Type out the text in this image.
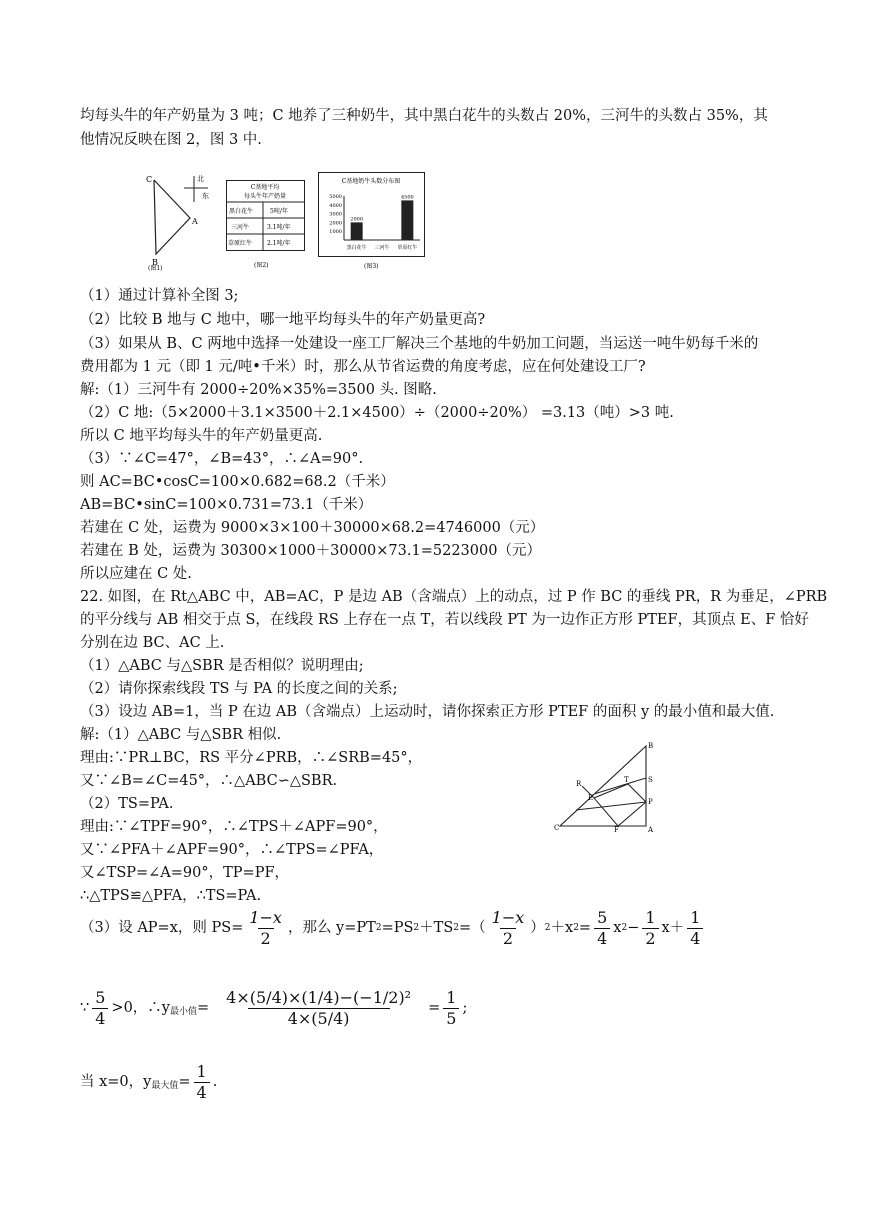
均每头牛的年产奶量为 3 吨；C 地养了三种奶牛，其中黑白花牛的头数占 20%，三河牛的头数占 35%，其
他情况反映在图 2，图 3 中.
C
A
B
北
东
(图1)
C基地平均
每头牛年产奶量
黑白花牛	5吨/年
三河牛	3.1吨/年
草原红牛 2.1吨/年
(图2)
C基地奶牛头数分布图
5000
4000
3000
2000
1000
2000
黑白花牛 三河牛
4500
草原红牛
(图3)
（1）通过计算补全图 3;
（2）比较 B 地与 C 地中，哪一地平均每头牛的年产奶量更高?
（3）如果从 B、C 两地中选择一处建设一座工厂解决三个基地的牛奶加工问题，当运送一吨牛奶每千米的
费用都为 1 元（即 1 元/吨•千米）时，那么从节省运费的角度考虑，应在何处建设工厂?
解:（1）三河牛有 2000÷20%×35%=3500 头. 图略.
（2）C 地:（5×2000＋3.1×3500＋2.1×4500）÷（2000÷20%） =3.13（吨）>3 吨.
所以 C 地平均每头牛的年产奶量更高.
（3）∵∠C=47°，∠B=43°，∴∠A=90°.
则 AC=BC•cosC=100×0.682=68.2（千米）
AB=BC•sinC=100×0.731=73.1（千米）
若建在 C 处，运费为 9000×3×100＋30000×68.2=4746000（元）
若建在 B 处，运费为 30300×1000＋30000×73.1=5223000（元）
所以应建在 C 处.
22. 如图，在 Rt△ABC 中，AB=AC，P 是边 AB（含端点）上的动点，过 P 作 BC 的垂线 PR，R 为垂足，∠PRB
的平分线与 AB 相交于点 S，在线段 RS 上存在一点 T，若以线段 PT 为一边作正方形 PTEF，其顶点 E、F 恰好
分别在边 BC、AC 上.
（1）△ABC 与△SBR 是否相似？说明理由;
（2）请你探索线段 TS 与 PA 的长度之间的关系;
（3）设边 AB=1，当 P 在边 AB（含端点）上运动时，请你探索正方形 PTEF 的面积 y 的最小值和最大值.
解:（1）△ABC 与△SBR 相似.
理由:∵PR⊥BC，RS 平分∠PRB，∴∠SRB=45°，
又∵∠B=∠C=45°，∴△ABC∽△SBR.
（2）TS=PA.
理由:∵∠TPF=90°，∴∠TPS＋∠APF=90°，
又∵∠PFA＋∠APF=90°，∴∠TPS=∠PFA，
又∠TSP=∠A=90°，TP=PF，
∴△TPS≌△PFA，∴TS=PA.
B
T	S
R
E	P
C	F	A
（3）设 AP=x，则 $PS= \frac{1-x}{2}$ ，那么 y=PT 2 =PS 2 ＋TS 2 =（ $\frac{1-x}{2}$ ） 2 ＋x $2 = \frac{5}{4}$ x $2 - \frac{1}{2} x+ \frac{1}{4}$
∵ $\frac{5}{4} >0$，∴y 最小值 = $\frac{\text{4×(5/4)×(1/4)−(−1/2)²}}{4\times(5/4)} = \frac{1}{5}$ ;
当 x=0，y 最大值 = $\frac{1}{4}$ .
